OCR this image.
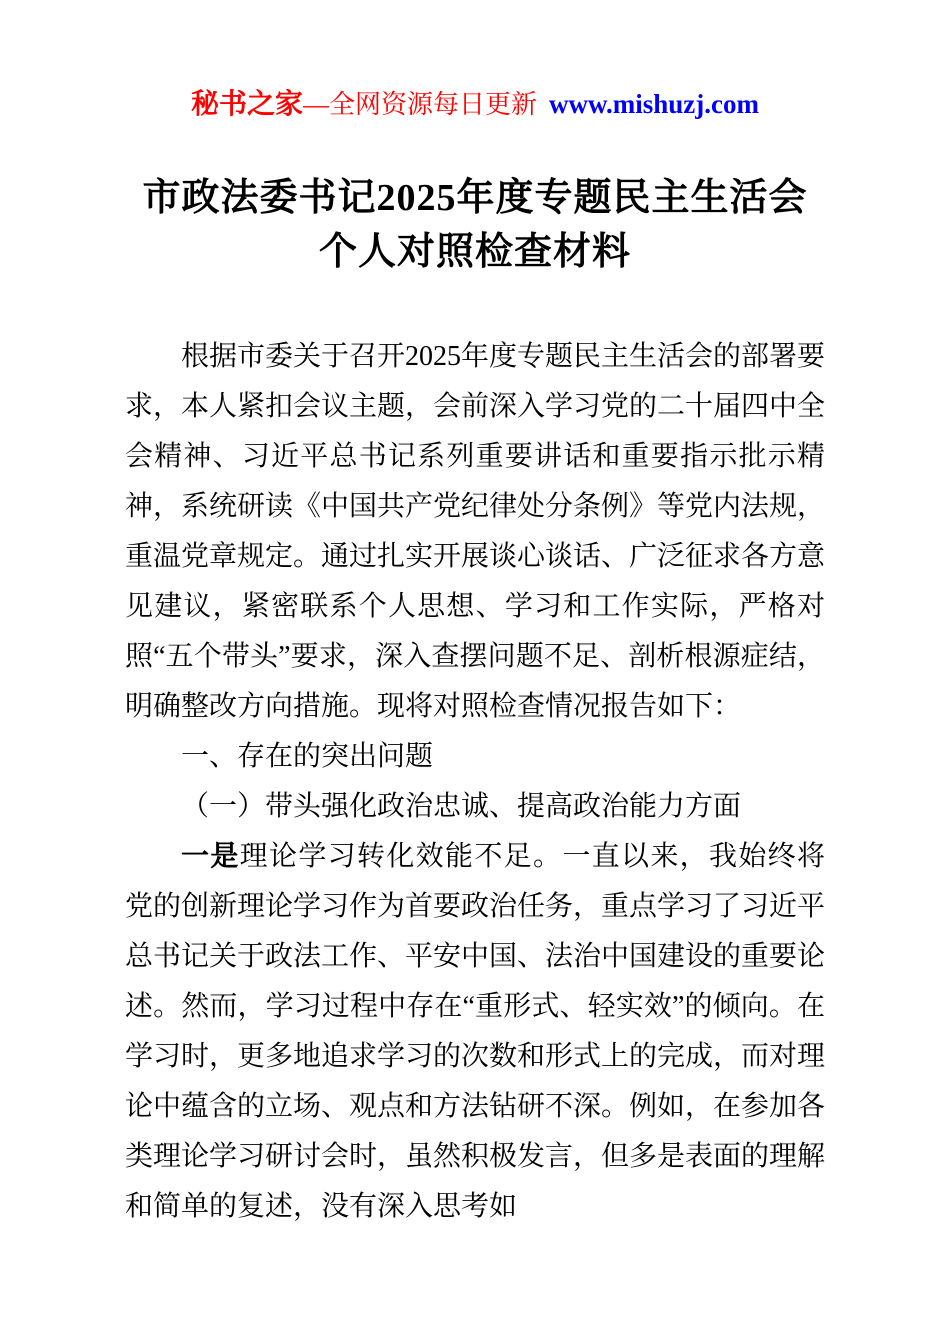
秘书之家—全网资源每日更新 www.mishuzj.com
市政法委书记2025年度专题民主生活会个人对照检查材料

根据市委关于召开2025年度专题民主生活会的部署要求，本人紧扣会议主题，会前深入学习党的二十届四中全会精神、习近平总书记系列重要讲话和重要指示批示精神，系统研读《中国共产党纪律处分条例》等党内法规，重温党章规定。通过扎实开展谈心谈话、广泛征求各方意见建议，紧密联系个人思想、学习和工作实际，严格对照“五个带头”要求，深入查摆问题不足、剖析根源症结，明确整改方向措施。现将对照检查情况报告如下：

一、存在的突出问题

（一）带头强化政治忠诚、提高政治能力方面

一是理论学习转化效能不足。一直以来，我始终将党的创新理论学习作为首要政治任务，重点学习了习近平总书记关于政法工作、平安中国、法治中国建设的重要论述。然而，学习过程中存在“重形式、轻实效”的倾向。在学习时，更多地追求学习的次数和形式上的完成，而对理论中蕴含的立场、观点和方法钻研不深。例如，在参加各类理论学习研讨会时，虽然积极发言，但多是表面的理解和简单的复述，没有深入思考如
